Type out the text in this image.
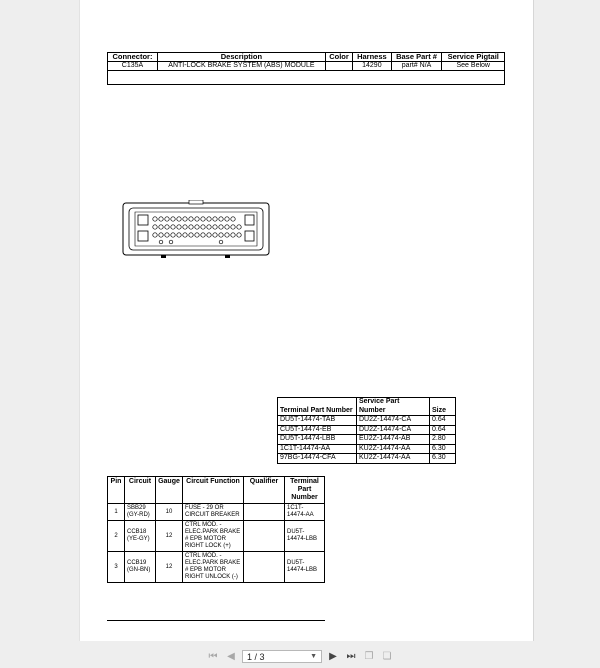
Connector:	Description	Color	Harness	Base Part #	Service Pigtail
C135A	ANTI-LOCK BRAKE SYSTEM (ABS) MODULE		14290	part# N/A	See Below

Terminal Part Number	Service Part Number	Size
DU5T-14474-TAB	DU2Z-14474-CA	0.64
CU5T-14474-EB	DU2Z-14474-CA	0.64
DU5T-14474-LBB	EU2Z-14474-AB	2.80
1C1T-14474-AA	KU2Z-14474-AA	6.30
97BG-14474-CFA	KU2Z-14474-AA	6.30
Pin	Circuit	Gauge	Circuit Function	Qualifier	Terminal Part Number
1	SBB29 (GY-RD)	10	FUSE - 29 OR CIRCUIT BREAKER		1C1T-14474-AA
2	CCB18 (YE-GY)	12	CTRL MOD. - ELEC.PARK BRAKE # EPB MOTOR RIGHT LOCK (+)		DU5T-14474-LBB
3	CCB19 (GN-BN)	12	CTRL MOD. - ELEC.PARK BRAKE # EPB MOTOR RIGHT UNLOCK (-)		DU5T-14474-LBB
⏮ ◀	1 / 3	▼	▶ ⏭ ❐ ❏
